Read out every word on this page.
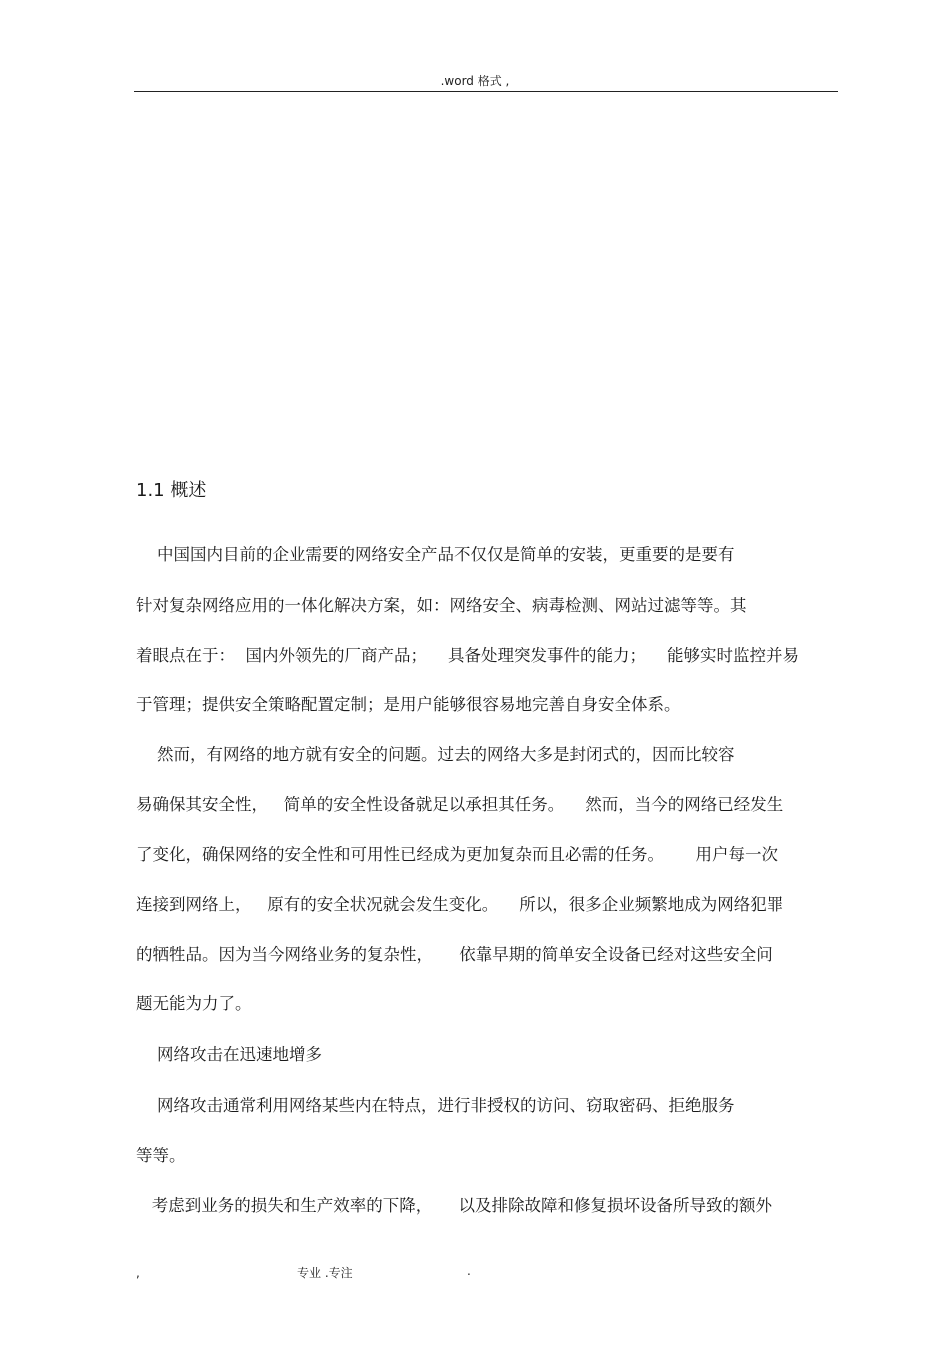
.word 格式 ,
1.1 概述
中国国内目前的企业需要的网络安全产品不仅仅是简单的安装，更重要的是要有
针对复杂网络应用的一体化解决方案，如：网络安全、病毒检测、网站过滤等等。其
着眼点在于：  国内外领先的厂商产品；    具备处理突发事件的能力；    能够实时监控并易
于管理；提供安全策略配置定制；是用户能够很容易地完善自身安全体系。
然而，有网络的地方就有安全的问题。过去的网络大多是封闭式的，因而比较容
易确保其安全性，   简单的安全性设备就足以承担其任务。    然而，当今的网络已经发生
了变化，确保网络的安全性和可用性已经成为更加复杂而且必需的任务。      用户每一次
连接到网络上，   原有的安全状况就会发生变化。    所以，很多企业频繁地成为网络犯罪
的牺牲品。因为当今网络业务的复杂性，     依靠早期的简单安全设备已经对这些安全问
题无能为力了。
网络攻击在迅速地增多
网络攻击通常利用网络某些内在特点，进行非授权的访问、窃取密码、拒绝服务
等等。
考虑到业务的损失和生产效率的下降，     以及排除故障和修复损坏设备所导致的额外
,	专业 .专注	.
